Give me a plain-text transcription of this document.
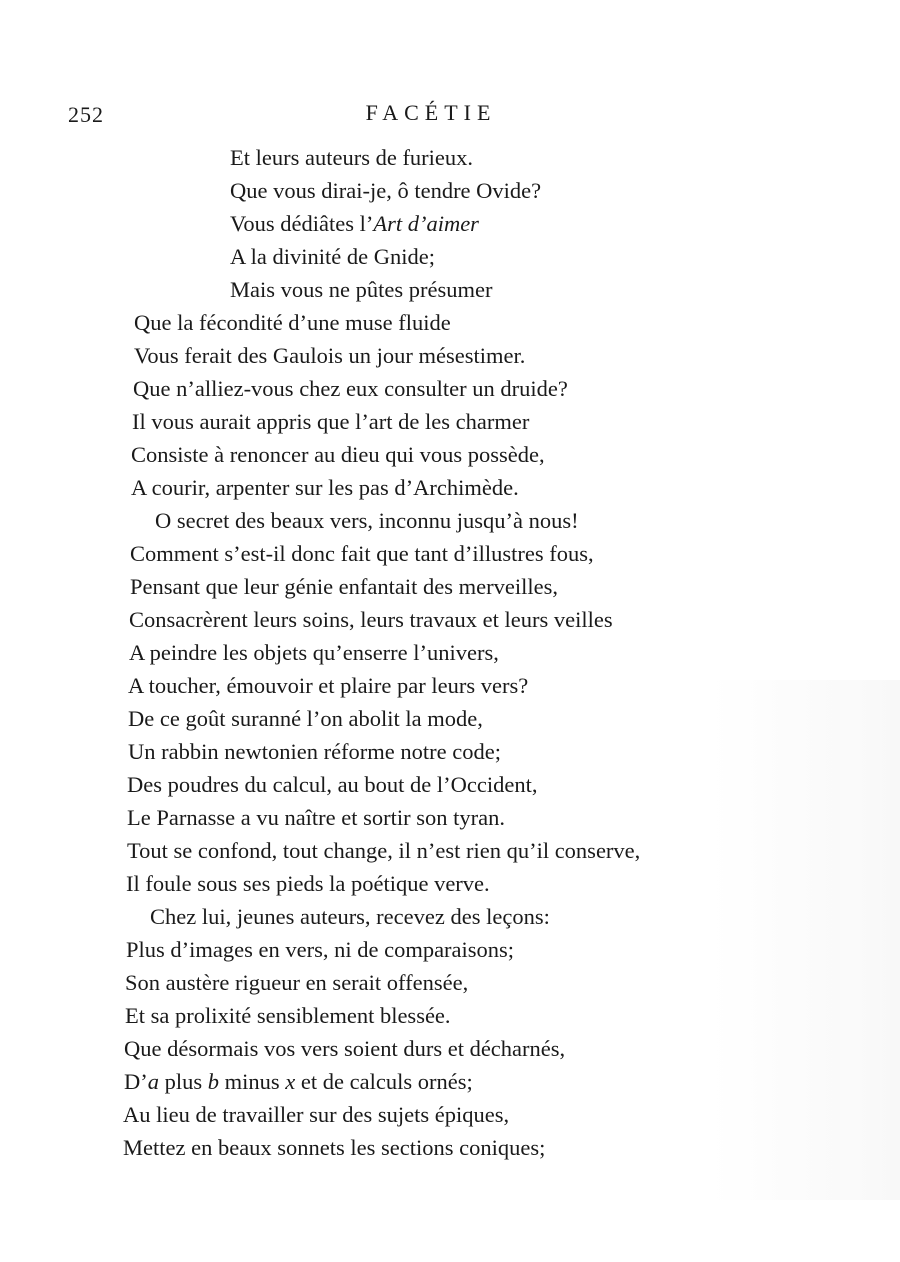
252	FACÉTIE
Et leurs auteurs de furieux.
Que vous dirai-je, ô tendre Ovide?
Vous dédiâtes l’Art d’aimer
A la divinité de Gnide;
Mais vous ne pûtes présumer
Que la fécondité d’une muse fluide
Vous ferait des Gaulois un jour mésestimer.
Que n’alliez-vous chez eux consulter un druide?
Il vous aurait appris que l’art de les charmer
Consiste à renoncer au dieu qui vous possède,
A courir, arpenter sur les pas d’Archimède.
O secret des beaux vers, inconnu jusqu’à nous!
Comment s’est-il donc fait que tant d’illustres fous,
Pensant que leur génie enfantait des merveilles,
Consacrèrent leurs soins, leurs travaux et leurs veilles
A peindre les objets qu’enserre l’univers,
A toucher, émouvoir et plaire par leurs vers?
De ce goût suranné l’on abolit la mode,
Un rabbin newtonien réforme notre code;
Des poudres du calcul, au bout de l’Occident,
Le Parnasse a vu naître et sortir son tyran.
Tout se confond, tout change, il n’est rien qu’il conserve,
Il foule sous ses pieds la poétique verve.
Chez lui, jeunes auteurs, recevez des leçons:
Plus d’images en vers, ni de comparaisons;
Son austère rigueur en serait offensée,
Et sa prolixité sensiblement blessée.
Que désormais vos vers soient durs et décharnés,
D’a plus b minus x et de calculs ornés;
Au lieu de travailler sur des sujets épiques,
Mettez en beaux sonnets les sections coniques;
